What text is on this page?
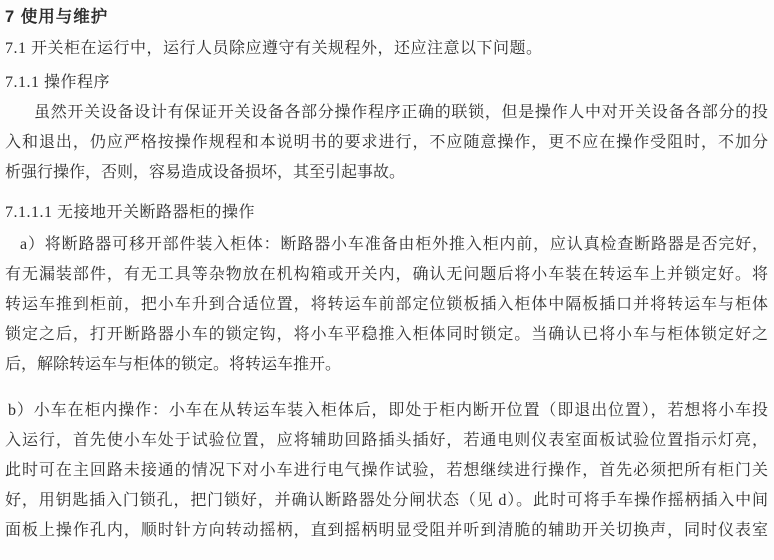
7 使用与维护
7.1 开关柜在运行中，运行人员除应遵守有关规程外，还应注意以下问题。
7.1.1 操作程序
虽然开关设备设计有保证开关设备各部分操作程序正确的联锁，但是操作人中对开关设备各部分的投
入和退出，仍应严格按操作规程和本说明书的要求进行，不应随意操作，更不应在操作受阻时，不加分
析强行操作，否则，容易造成设备损坏，其至引起事故。
7.1.1.1 无接地开关断路器柜的操作
a）将断路器可移开部件装入柜体：断路器小车准备由柜外推入柜内前，应认真检查断路器是否完好，
有无漏装部件，有无工具等杂物放在机构箱或开关内，确认无问题后将小车装在转运车上并锁定好。将
转运车推到柜前，把小车升到合适位置，将转运车前部定位锁板插入柜体中隔板插口并将转运车与柜体
锁定之后，打开断路器小车的锁定钩，将小车平稳推入柜体同时锁定。当确认已将小车与柜体锁定好之
后，解除转运车与柜体的锁定。将转运车推开。
b）小车在柜内操作：小车在从转运车装入柜体后，即处于柜内断开位置（即退出位置），若想将小车投
入运行，首先使小车处于试验位置，应将辅助回路插头插好，若通电则仪表室面板试验位置指示灯亮，
此时可在主回路未接通的情况下对小车进行电气操作试验，若想继续进行操作，首先必须把所有柜门关
好，用钥匙插入门锁孔，把门锁好，并确认断路器处分闸状态（见 d）。此时可将手车操作摇柄插入中间
面板上操作孔内，顺时针方向转动摇柄，直到摇柄明显受阻并听到清脆的辅助开关切换声，同时仪表室
